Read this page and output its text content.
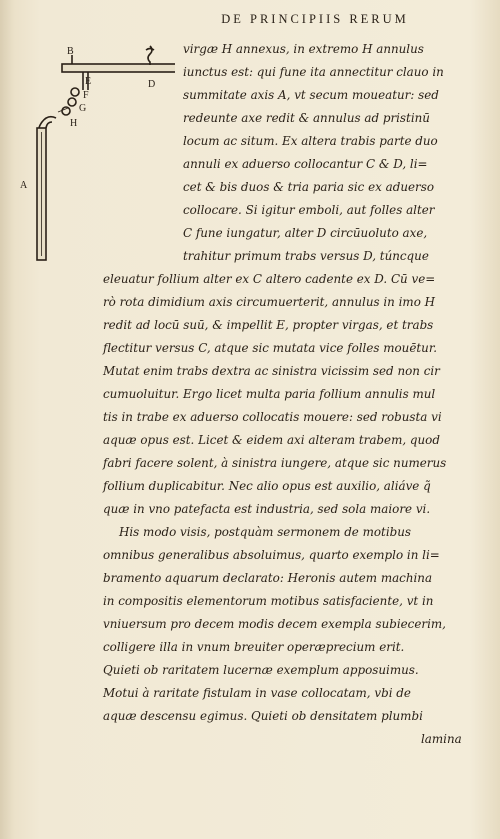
DE PRINCIPIIS RERUM
B
D
E
F
G
H
A
virgæ H annexus, in extremo H annulus
iunctus est: qui fune ita annectitur clauo in
summitate axis A, vt secum moueatur: sed
redeunte axe redit & annulus ad pristinū
locum ac situm. Ex altera trabis parte duo
annuli ex aduerso collocantur C & D, li=
cet & bis duos & tria paria sic ex aduerso
collocare. Si igitur emboli, aut folles alter
C fune iungatur, alter D circūuoluto axe,
trahitur primum trabs versus D, túncque
eleuatur follium alter ex C altero cadente ex D. Cū ve=
rò rota dimidium axis circumuerterit, annulus in imo H
redit ad locū suū, & impellit E, propter virgas, et trabs
flectitur versus C, atque sic mutata vice folles mouētur.
Mutat enim trabs dextra ac sinistra vicissim sed non cir
cumuoluitur. Ergo licet multa paria follium annulis mul
tis in trabe ex aduerso collocatis mouere: sed robusta vi
aquæ opus est. Licet & eidem axi alteram trabem, quod
fabri facere solent, à sinistra iungere, atque sic numerus
follium duplicabitur. Nec alio opus est auxilio, aliáve q̃
quæ in vno patefacta est industria, sed sola maiore vi.
His modo visis, postquàm sermonem de motibus
omnibus generalibus absoluimus, quarto exemplo in li=
bramento aquarum declarato: Heronis autem machina
in compositis elementorum motibus satisfaciente, vt in
vniuersum pro decem modis decem exempla subiecerim,
colligere illa in vnum breuiter operæprecium erit.
Quieti ob raritatem lucernæ exemplum apposuimus.
Motui à raritate fistulam in vase collocatam, vbi de
aquæ descensu egimus. Quieti ob densitatem plumbi
lamina
